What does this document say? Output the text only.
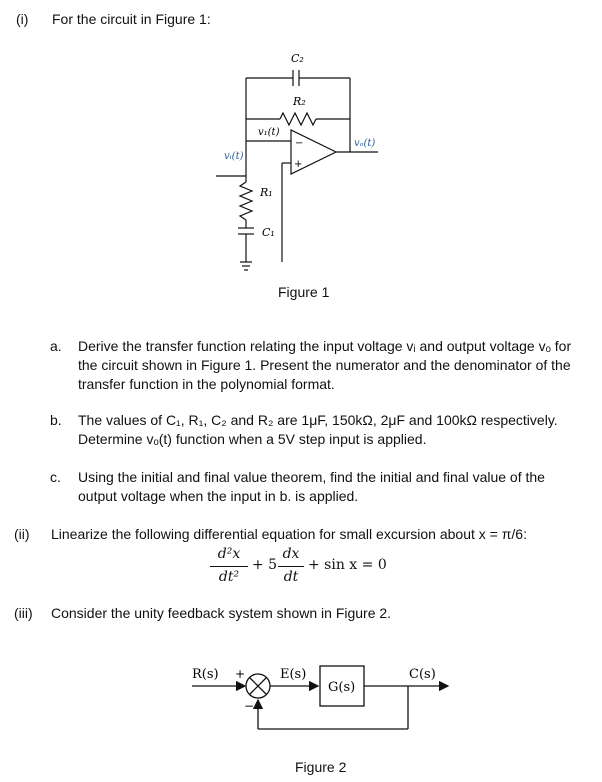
(i) For the circuit in Figure 1:
C₂
R₂
v₁(t)
vᵢ(t)
vₒ(t)
R₁
C₁
−
+
Figure 1
a. Derive the transfer function relating the input voltage vᵢ and output voltage vₒ for
the circuit shown in Figure 1. Present the numerator and the denominator of the
transfer function in the polynomial format.
b. The values of C₁, R₁, C₂ and R₂ are 1μF, 150kΩ, 2μF and 100kΩ respectively.
Determine vₒ(t) function when a 5V step input is applied.
c. Using the initial and final value theorem, find the initial and final value of the
output voltage when the input in b. is applied.
(ii) Linearize the following differential equation for small excursion about x = π/6:
d²x
dt²
+ 5
dx
dt
+ sin x = 0
(iii) Consider the unity feedback system shown in Figure 2.
R(s) +
−
E(s)
G(s)
C(s)
Figure 2
